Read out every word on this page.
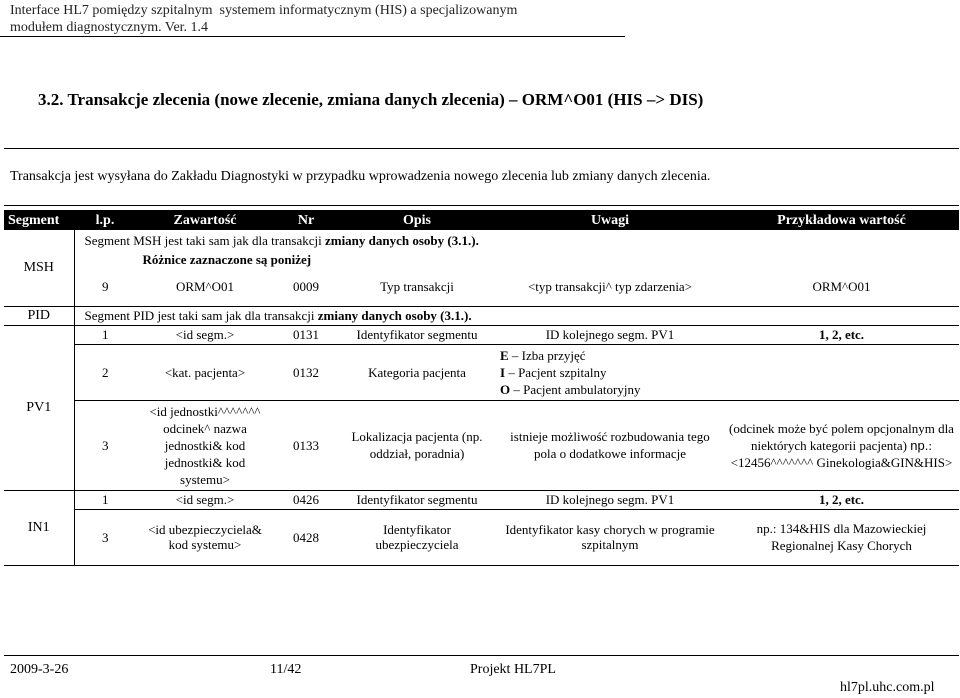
Interface HL7 pomiędzy szpitalnym  systemem informatycznym (HIS) a specjalizowanym
modułem diagnostycznym. Ver. 1.4
3.2. Transakcje zlecenia (nowe zlecenie, zmiana danych zlecenia) – ORM^O01 (HIS –> DIS)
Transakcja jest wysyłana do Zakładu Diagnostyki w przypadku wprowadzenia nowego zlecenia lub zmiany danych zlecenia.
Segment	l.p.	Zawartość	Nr	Opis	Uwagi	Przykładowa wartość
MSH	Segment MSH jest taki sam jak dla transakcji zmiany danych osoby (3.1.).					
	Różnice zaznaczone są poniżej					
	9	ORM^O01	0009	Typ transakcji	<typ transakcji^ typ zdarzenia>	ORM^O01
PID	Segment PID jest taki sam jak dla transakcji zmiany danych osoby (3.1.).					
PV1	1	<id segm.>	0131	Identyfikator segmentu	ID kolejnego segm. PV1	1, 2, etc.
	2	<kat. pacjenta>	0132	Kategoria pacjenta	E – Izba przyjęć
I – Pacjent szpitalny
O – Pacjent ambulatoryjny	

	3	<id jednostki^^^^^^^ odcinek^ nazwa jednostki& kod jednostki& kod systemu>	0133	Lokalizacja pacjenta (np. oddział, poradnia)	istnieje możliwość rozbudowania tego pola o dodatkowe informacje	(odcinek może być polem opcjonalnym dla niektórych kategorii pacjenta) np.: <12456^^^^^^^ Ginekologia&GIN&HIS>
IN1	1	<id segm.>	0426	Identyfikator segmentu	ID kolejnego segm. PV1	1, 2, etc.
	3	<id ubezpieczyciela& kod systemu>	0428	Identyfikator ubezpieczyciela	Identyfikator kasy chorych w programie szpitalnym	np.: 134&HIS dla Mazowieckiej Regionalnej Kasy Chorych
2009-3-26	11/42	Projekt HL7PL
hl7pl.uhc.com.pl
